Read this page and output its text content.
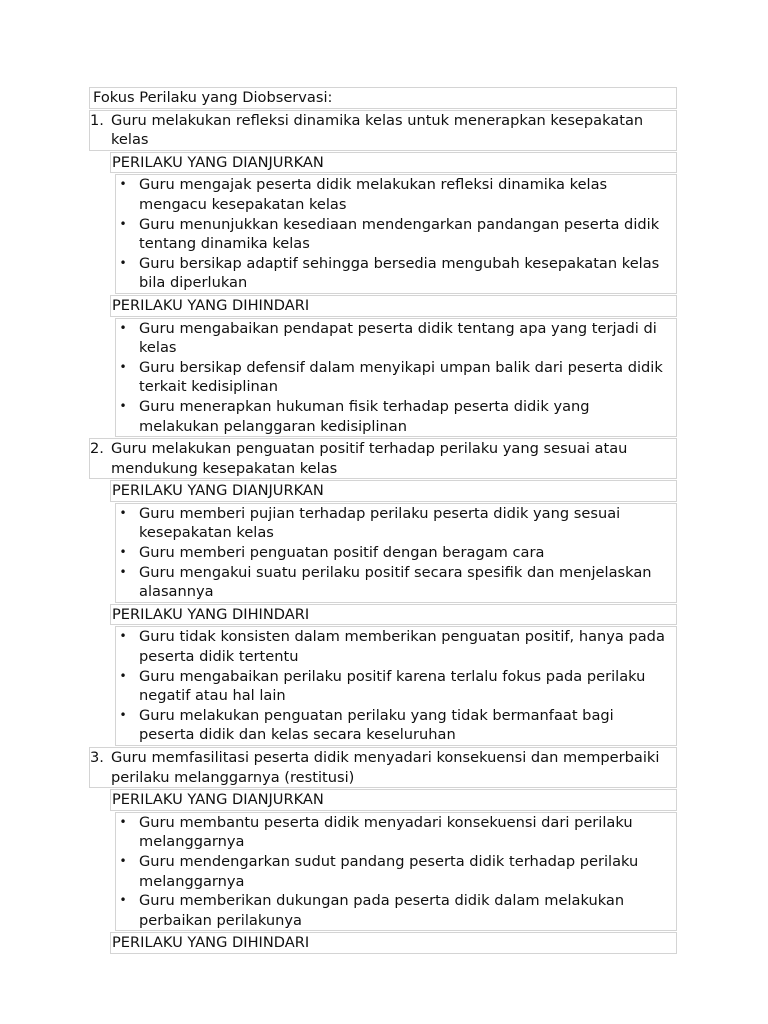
Fokus Perilaku yang Diobservasi:
1. Guru melakukan refleksi dinamika kelas untuk menerapkan kesepakatan kelas
PERILAKU YANG DIANJURKAN
• Guru mengajak peserta didik melakukan refleksi dinamika kelas mengacu kesepakatan kelas
• Guru menunjukkan kesediaan mendengarkan pandangan peserta didik tentang dinamika kelas
• Guru bersikap adaptif sehingga bersedia mengubah kesepakatan kelas bila diperlukan
PERILAKU YANG DIHINDARI
• Guru mengabaikan pendapat peserta didik tentang apa yang terjadi di kelas
• Guru bersikap defensif dalam menyikapi umpan balik dari peserta didik terkait kedisiplinan
• Guru menerapkan hukuman fisik terhadap peserta didik yang melakukan pelanggaran kedisiplinan
2. Guru melakukan penguatan positif terhadap perilaku yang sesuai atau mendukung kesepakatan kelas
PERILAKU YANG DIANJURKAN
• Guru memberi pujian terhadap perilaku peserta didik yang sesuai kesepakatan kelas
• Guru memberi penguatan positif dengan beragam cara
• Guru mengakui suatu perilaku positif secara spesifik dan menjelaskan alasannya
PERILAKU YANG DIHINDARI
• Guru tidak konsisten dalam memberikan penguatan positif, hanya pada peserta didik tertentu
• Guru mengabaikan perilaku positif karena terlalu fokus pada perilaku negatif atau hal lain
• Guru melakukan penguatan perilaku yang tidak bermanfaat bagi peserta didik dan kelas secara keseluruhan
3. Guru memfasilitasi peserta didik menyadari konsekuensi dan memperbaiki perilaku melanggarnya (restitusi)
PERILAKU YANG DIANJURKAN
• Guru membantu peserta didik menyadari konsekuensi dari perilaku melanggarnya
• Guru mendengarkan sudut pandang peserta didik terhadap perilaku melanggarnya
• Guru memberikan dukungan pada peserta didik dalam melakukan perbaikan perilakunya
PERILAKU YANG DIHINDARI
